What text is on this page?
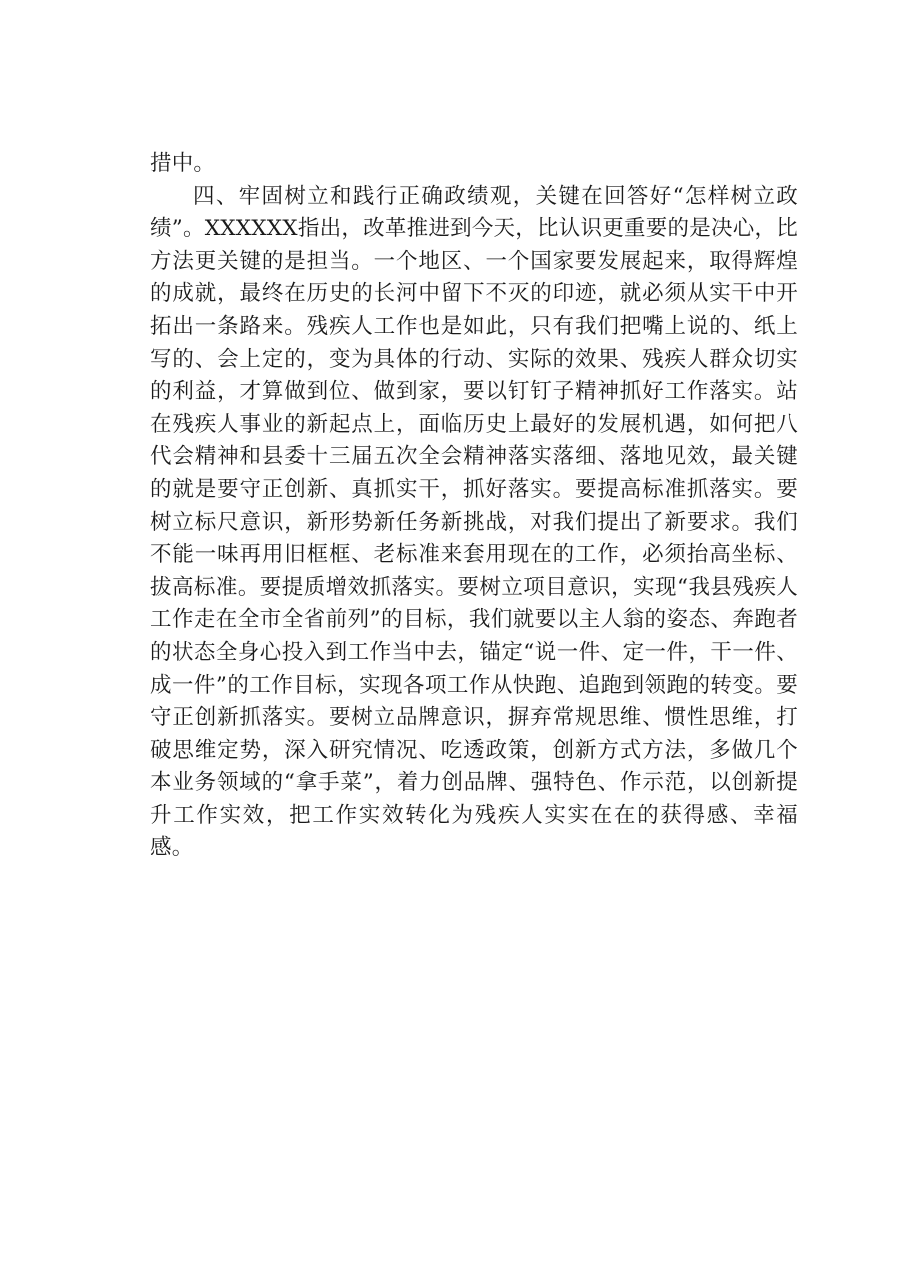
措中。

四、牢固树立和践行正确政绩观，关键在回答好“怎样树立政绩”。XXXXXX指出，改革推进到今天，比认识更重要的是决心，比方法更关键的是担当。一个地区、一个国家要发展起来，取得辉煌的成就，最终在历史的长河中留下不灭的印迹，就必须从实干中开拓出一条路来。残疾人工作也是如此，只有我们把嘴上说的、纸上写的、会上定的，变为具体的行动、实际的效果、残疾人群众切实的利益，才算做到位、做到家，要以钉钉子精神抓好工作落实。站在残疾人事业的新起点上，面临历史上最好的发展机遇，如何把八代会精神和县委十三届五次全会精神落实落细、落地见效，最关键的就是要守正创新、真抓实干，抓好落实。要提高标准抓落实。要树立标尺意识，新形势新任务新挑战，对我们提出了新要求。我们不能一味再用旧框框、老标准来套用现在的工作，必须抬高坐标、拔高标准。要提质增效抓落实。要树立项目意识，实现“我县残疾人工作走在全市全省前列”的目标，我们就要以主人翁的姿态、奔跑者的状态全身心投入到工作当中去，锚定“说一件、定一件，干一件、成一件”的工作目标，实现各项工作从快跑、追跑到领跑的转变。要守正创新抓落实。要树立品牌意识，摒弃常规思维、惯性思维，打破思维定势，深入研究情况、吃透政策，创新方式方法，多做几个本业务领域的“拿手菜”，着力创品牌、强特色、作示范，以创新提升工作实效，把工作实效转化为残疾人实实在在的获得感、幸福感。
